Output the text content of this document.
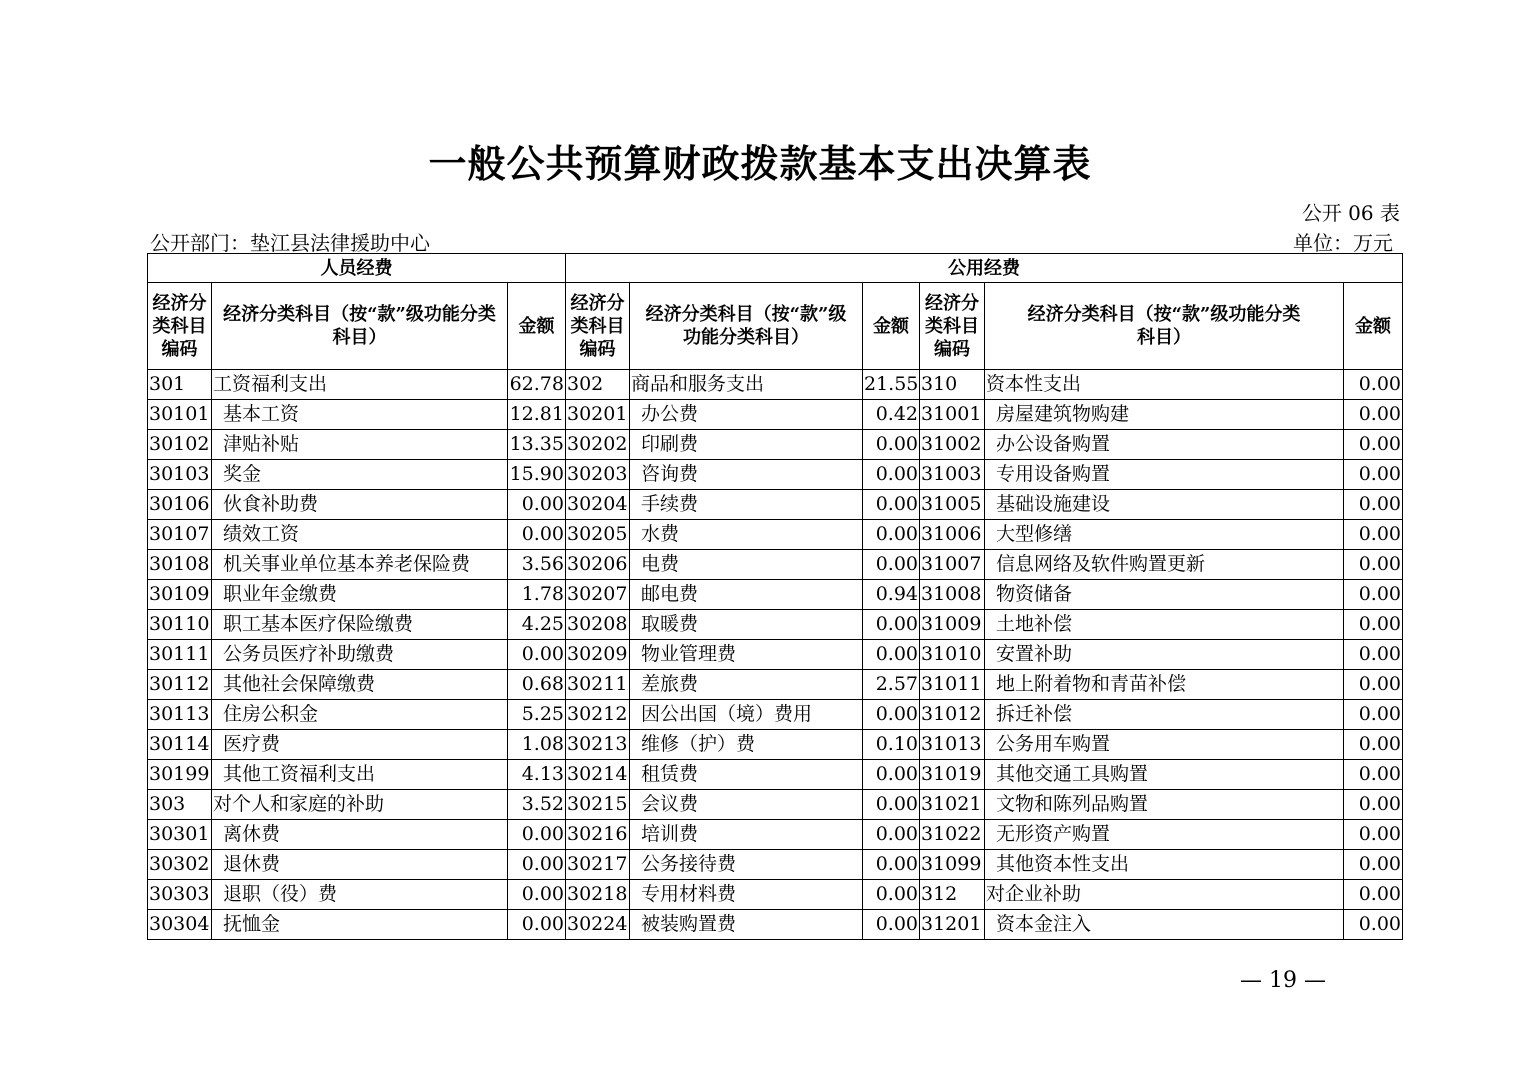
一般公共预算财政拨款基本支出决算表
公开 06 表
公开部门：垫江县法律援助中心	单位：万元
人员经费			公用经费					
经济分类科目编码	经济分类科目（按“款”级功能分类科目）	金额	经济分类科目编码	经济分类科目（按“款”级功能分类科目）	金额	经济分类科目编码	经济分类科目（按“款”级功能分类科目）	金额
301	工资福利支出	62.78	302	商品和服务支出	21.55	310	资本性支出	0.00
30101	基本工资	12.81	30201	办公费	0.42	31001	房屋建筑物购建	0.00
30102	津贴补贴	13.35	30202	印刷费	0.00	31002	办公设备购置	0.00
30103	奖金	15.90	30203	咨询费	0.00	31003	专用设备购置	0.00
30106	伙食补助费	0.00	30204	手续费	0.00	31005	基础设施建设	0.00
30107	绩效工资	0.00	30205	水费	0.00	31006	大型修缮	0.00
30108	机关事业单位基本养老保险费	3.56	30206	电费	0.00	31007	信息网络及软件购置更新	0.00
30109	职业年金缴费	1.78	30207	邮电费	0.94	31008	物资储备	0.00
30110	职工基本医疗保险缴费	4.25	30208	取暖费	0.00	31009	土地补偿	0.00
30111	公务员医疗补助缴费	0.00	30209	物业管理费	0.00	31010	安置补助	0.00
30112	其他社会保障缴费	0.68	30211	差旅费	2.57	31011	地上附着物和青苗补偿	0.00
30113	住房公积金	5.25	30212	因公出国（境）费用	0.00	31012	拆迁补偿	0.00
30114	医疗费	1.08	30213	维修（护）费	0.10	31013	公务用车购置	0.00
30199	其他工资福利支出	4.13	30214	租赁费	0.00	31019	其他交通工具购置	0.00
303	对个人和家庭的补助	3.52	30215	会议费	0.00	31021	文物和陈列品购置	0.00
30301	离休费	0.00	30216	培训费	0.00	31022	无形资产购置	0.00
30302	退休费	0.00	30217	公务接待费	0.00	31099	其他资本性支出	0.00
30303	退职（役）费	0.00	30218	专用材料费	0.00	312	对企业补助	0.00
30304	抚恤金	0.00	30224	被装购置费	0.00	31201	资本金注入	0.00
— 19 —
